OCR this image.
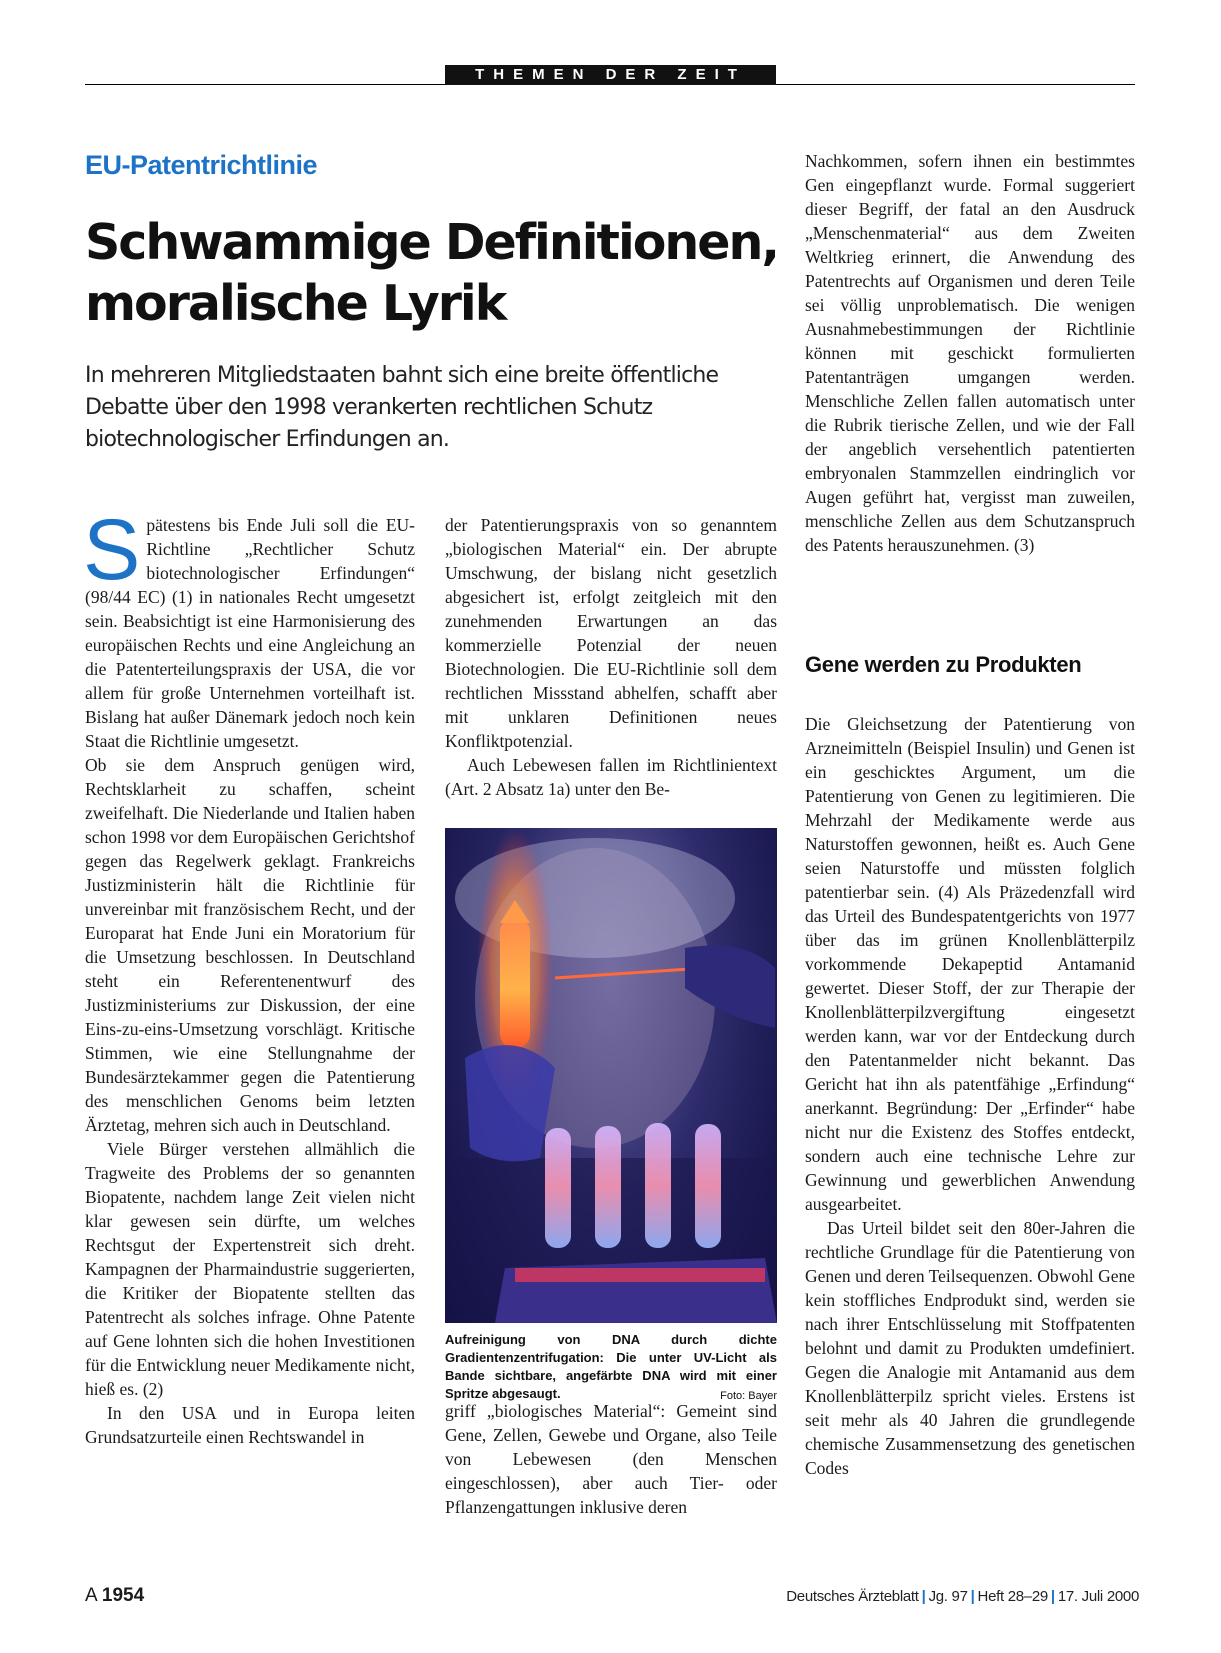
THEMEN DER ZEIT
EU-Patentrichtlinie
Schwammige Definitionen,
moralische Lyrik
In mehreren Mitgliedstaaten bahnt sich eine breite öffentliche Debatte über den 1998 verankerten rechtlichen Schutz biotechnologischer Erfindungen an.

Spätestens bis Ende Juli soll die EU-Richtline „Rechtlicher Schutz biotechnologischer Erfindungen“ (98/44 EC) (1) in nationales Recht umgesetzt sein. Beabsichtigt ist eine Harmonisierung des europäischen Rechts und eine Angleichung an die Patenterteilungspraxis der USA, die vor allem für große Unternehmen vorteilhaft ist. Bislang hat außer Dänemark jedoch noch kein Staat die Richtlinie umgesetzt.

Ob sie dem Anspruch genügen wird, Rechtsklarheit zu schaffen, scheint zweifelhaft. Die Niederlande und Italien haben schon 1998 vor dem Europäischen Gerichtshof gegen das Regelwerk geklagt. Frankreichs Justizministerin hält die Richtlinie für unvereinbar mit französischem Recht, und der Europarat hat Ende Juni ein Moratorium für die Umsetzung beschlossen. In Deutschland steht ein Referentenentwurf des Justizministeriums zur Diskussion, der eine Eins-zu-eins-Umsetzung vorschlägt. Kritische Stimmen, wie eine Stellungnahme der Bundesärztekammer gegen die Patentierung des menschlichen Genoms beim letzten Ärztetag, mehren sich auch in Deutschland.

Viele Bürger verstehen allmählich die Tragweite des Problems der so genannten Biopatente, nachdem lange Zeit vielen nicht klar gewesen sein dürfte, um welches Rechtsgut der Expertenstreit sich dreht. Kampagnen der Pharmaindustrie suggerierten, die Kritiker der Biopatente stellten das Patentrecht als solches infrage. Ohne Patente auf Gene lohnten sich die hohen Investitionen für die Entwicklung neuer Medikamente nicht, hieß es. (2)

In den USA und in Europa leiten Grundsatzurteile einen Rechtswandel in

der Patentierungspraxis von so genanntem „biologischen Material“ ein. Der abrupte Umschwung, der bislang nicht gesetzlich abgesichert ist, erfolgt zeitgleich mit den zunehmenden Erwartungen an das kommerzielle Potenzial der neuen Biotechnologien. Die EU-Richtlinie soll dem rechtlichen Missstand abhelfen, schafft aber mit unklaren Definitionen neues Konfliktpotenzial.

Auch Lebewesen fallen im Richtlinientext (Art. 2 Absatz 1a) unter den Be-

Aufreinigung von DNA durch dichte Gradientenzentrifugation: Die unter UV-Licht als Bande sichtbare, angefärbte DNA wird mit einer Spritze abgesaugt.	Foto: Bayer

griff „biologisches Material“: Gemeint sind Gene, Zellen, Gewebe und Organe, also Teile von Lebewesen (den Menschen eingeschlossen), aber auch Tier- oder Pflanzengattungen inklusive deren

Nachkommen, sofern ihnen ein bestimmtes Gen eingepflanzt wurde. Formal suggeriert dieser Begriff, der fatal an den Ausdruck „Menschenmaterial“ aus dem Zweiten Weltkrieg erinnert, die Anwendung des Patentrechts auf Organismen und deren Teile sei völlig unproblematisch. Die wenigen Ausnahmebestimmungen der Richtlinie können mit geschickt formulierten Patentanträgen umgangen werden. Menschliche Zellen fallen automatisch unter die Rubrik tierische Zellen, und wie der Fall der angeblich versehentlich patentierten embryonalen Stammzellen eindringlich vor Augen geführt hat, vergisst man zuweilen, menschliche Zellen aus dem Schutzanspruch des Patents herauszunehmen. (3)

Gene werden zu Produkten

Die Gleichsetzung der Patentierung von Arzneimitteln (Beispiel Insulin) und Genen ist ein geschicktes Argument, um die Patentierung von Genen zu legitimieren. Die Mehrzahl der Medikamente werde aus Naturstoffen gewonnen, heißt es. Auch Gene seien Naturstoffe und müssten folglich patentierbar sein. (4) Als Präzedenzfall wird das Urteil des Bundespatentgerichts von 1977 über das im grünen Knollenblätterpilz vorkommende Dekapeptid Antamanid gewertet. Dieser Stoff, der zur Therapie der Knollenblätterpilzvergiftung eingesetzt werden kann, war vor der Entdeckung durch den Patentanmelder nicht bekannt. Das Gericht hat ihn als patentfähige „Erfindung“ anerkannt. Begründung: Der „Erfinder“ habe nicht nur die Existenz des Stoffes entdeckt, sondern auch eine technische Lehre zur Gewinnung und gewerblichen Anwendung ausgearbeitet.

Das Urteil bildet seit den 80er-Jahren die rechtliche Grundlage für die Patentierung von Genen und deren Teilsequenzen. Obwohl Gene kein stoffliches Endprodukt sind, werden sie nach ihrer Entschlüsselung mit Stoffpatenten belohnt und damit zu Produkten umdefiniert. Gegen die Analogie mit Antamanid aus dem Knollenblätterpilz spricht vieles. Erstens ist seit mehr als 40 Jahren die grundlegende chemische Zusammensetzung des genetischen Codes

A 1954	Deutsches Ärzteblatt | Jg. 97 | Heft 28–29 | 17. Juli 2000
